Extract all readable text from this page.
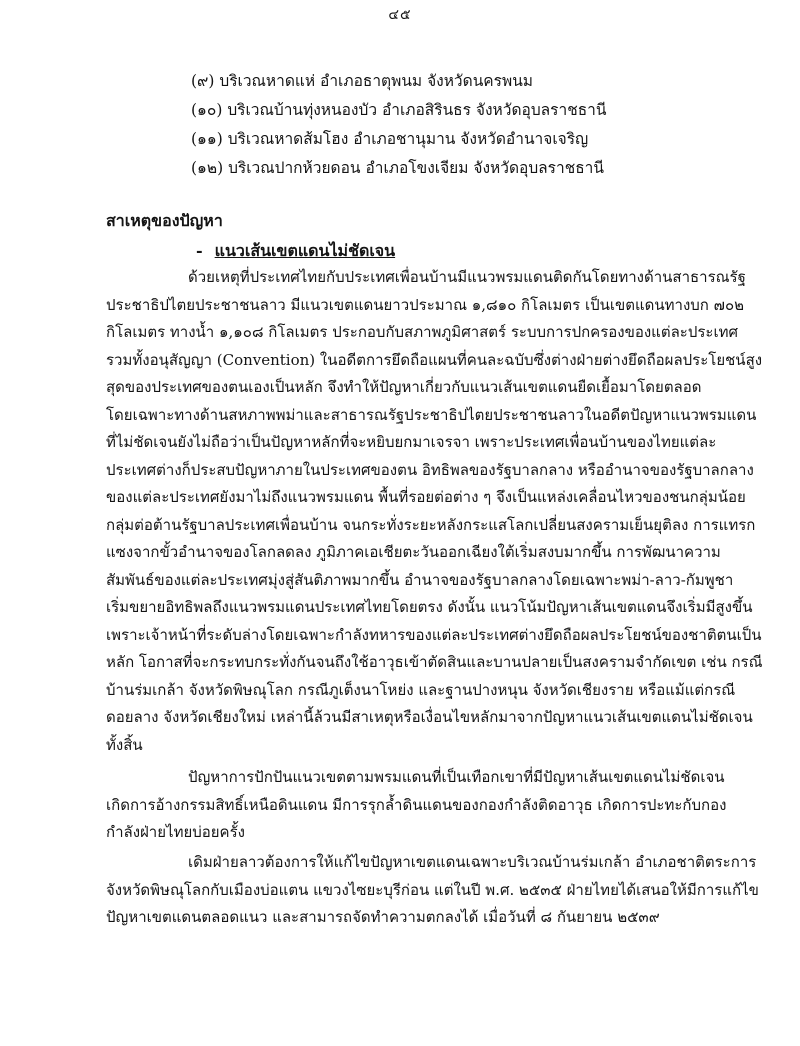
๔๕
(๙) บริเวณหาดแห่ อำเภอธาตุพนม จังหวัดนครพนม
(๑๐) บริเวณบ้านทุ่งหนองบัว อำเภอสิรินธร จังหวัดอุบลราชธานี
(๑๑) บริเวณหาดส้มโฮง อำเภอชานุมาน จังหวัดอำนาจเจริญ
(๑๒) บริเวณปากห้วยดอน อำเภอโขงเจียม จังหวัดอุบลราชธานี
สาเหตุของปัญหา
- แนวเส้นเขตแดนไม่ชัดเจน
ด้วยเหตุที่ประเทศไทยกับประเทศเพื่อนบ้านมีแนวพรมแดนติดกันโดยทางด้านสาธารณรัฐ
ประชาธิปไตยประชาชนลาว มีแนวเขตแดนยาวประมาณ ๑,๘๑๐ กิโลเมตร เป็นเขตแดนทางบก ๗๐๒
กิโลเมตร ทางน้ำ ๑,๑๐๘ กิโลเมตร ประกอบกับสภาพภูมิศาสตร์ ระบบการปกครองของแต่ละประเทศ
รวมทั้งอนุสัญญา (Convention) ในอดีตการยึดถือแผนที่คนละฉบับซึ่งต่างฝ่ายต่างยึดถือผลประโยชน์สูง
สุดของประเทศของตนเองเป็นหลัก จึงทำให้ปัญหาเกี่ยวกับแนวเส้นเขตแดนยืดเยื้อมาโดยตลอด
โดยเฉพาะทางด้านสหภาพพม่าและสาธารณรัฐประชาธิปไตยประชาชนลาวในอดีตปัญหาแนวพรมแดน
ที่ไม่ชัดเจนยังไม่ถือว่าเป็นปัญหาหลักที่จะหยิบยกมาเจรจา เพราะประเทศเพื่อนบ้านของไทยแต่ละ
ประเทศต่างก็ประสบปัญหาภายในประเทศของตน อิทธิพลของรัฐบาลกลาง หรืออำนาจของรัฐบาลกลาง
ของแต่ละประเทศยังมาไม่ถึงแนวพรมแดน พื้นที่รอยต่อต่าง ๆ จึงเป็นแหล่งเคลื่อนไหวของชนกลุ่มน้อย
กลุ่มต่อต้านรัฐบาลประเทศเพื่อนบ้าน จนกระทั่งระยะหลังกระแสโลกเปลี่ยนสงครามเย็นยุติลง การแทรก
แซงจากขั้วอำนาจของโลกลดลง ภูมิภาคเอเชียตะวันออกเฉียงใต้เริ่มสงบมากขึ้น การพัฒนาความ
สัมพันธ์ของแต่ละประเทศมุ่งสู่สันติภาพมากขึ้น อำนาจของรัฐบาลกลางโดยเฉพาะพม่า-ลาว-กัมพูชา
เริ่มขยายอิทธิพลถึงแนวพรมแดนประเทศไทยโดยตรง ดังนั้น แนวโน้มปัญหาเส้นเขตแดนจึงเริ่มมีสูงขึ้น
เพราะเจ้าหน้าที่ระดับล่างโดยเฉพาะกำลังทหารของแต่ละประเทศต่างยึดถือผลประโยชน์ของชาติตนเป็น
หลัก โอกาสที่จะกระทบกระทั่งกันจนถึงใช้อาวุธเข้าตัดสินและบานปลายเป็นสงครามจำกัดเขต เช่น กรณี
บ้านร่มเกล้า จังหวัดพิษณุโลก กรณีภูเต็งนาโหย่ง และฐานปางหนุน จังหวัดเชียงราย หรือแม้แต่กรณี
ดอยลาง จังหวัดเชียงใหม่ เหล่านี้ล้วนมีสาเหตุหรือเงื่อนไขหลักมาจากปัญหาแนวเส้นเขตแดนไม่ชัดเจน
ทั้งสิ้น
ปัญหาการปักปันแนวเขตตามพรมแดนที่เป็นเทือกเขาที่มีปัญหาเส้นเขตแดนไม่ชัดเจน
เกิดการอ้างกรรมสิทธิ์เหนือดินแดน มีการรุกล้ำดินแดนของกองกำลังติดอาวุธ เกิดการปะทะกับกอง
กำลังฝ่ายไทยบ่อยครั้ง
เดิมฝ่ายลาวต้องการให้แก้ไขปัญหาเขตแดนเฉพาะบริเวณบ้านร่มเกล้า อำเภอชาติตระการ
จังหวัดพิษณุโลกกับเมืองบ่อแตน แขวงไซยะบุรีก่อน แต่ในปี พ.ศ. ๒๕๓๕ ฝ่ายไทยได้เสนอให้มีการแก้ไข
ปัญหาเขตแดนตลอดแนว และสามารถจัดทำความตกลงได้ เมื่อวันที่ ๘ กันยายน ๒๕๓๙
